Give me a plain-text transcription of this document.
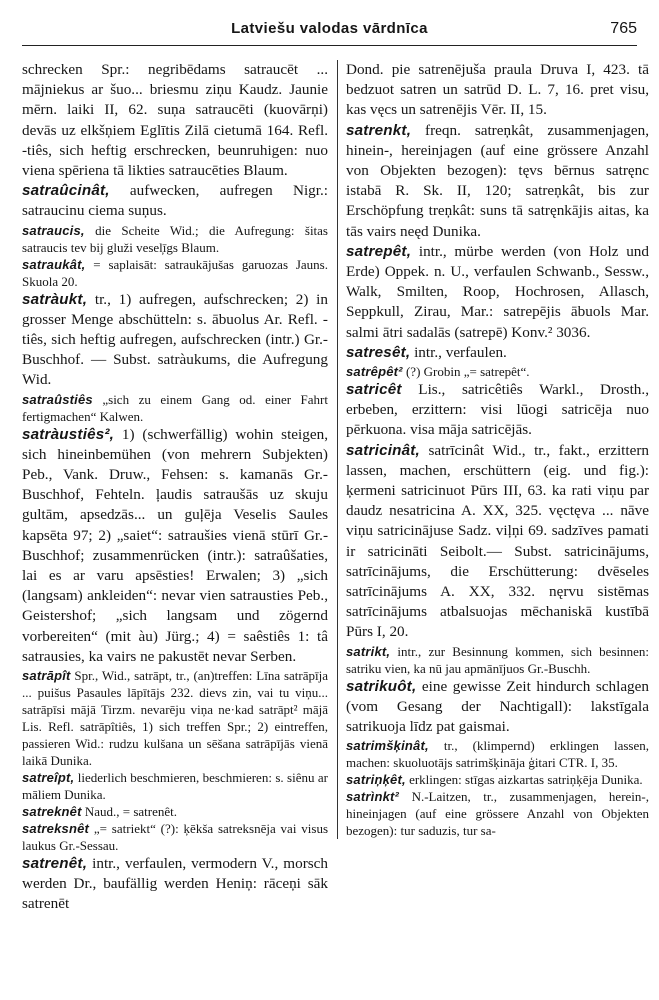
Latviešu valodas vārdnīca	765

schrecken Spr.: negribēdams satraucēt ... mājniekus ar šuo... briesmu ziņu Kaudz. Jaunie mērn. laiki II, 62. suņa satraucēti (kuovārņi) devās uz elkšņiem Eglītis Zilā cietumā 164. Refl. -tiês, sich heftig erschrecken, beunruhigen: nuo viena spēriena tā likties satraucēties Blaum.

satraûcinât, aufwecken, aufregen Nigr.: satraucinu ciema suņus.

satraucis, die Scheite Wid.; die Aufregung: šitas satraucis tev bij gluži vesel̦īgs Blaum.

satraukât, = saplaisāt: satraukājušas garuozas Jauns. Skuola 20.

satràukt, tr., 1) aufregen, aufschrecken; 2) in grosser Menge abschütteln: s. ābuolus Ar. Refl. -tiês, sich heftig aufregen, aufschrecken (intr.) Gr.-Buschhof. — Subst. satràukums, die Aufregung Wid.

satraûstiês „sich zu einem Gang od. einer Fahrt fertigmachen“ Kalwen.

satràustiês², 1) (schwerfällig) wohin steigen, sich hineinbemühen (von mehrern Subjekten) Peb., Vank. Druw., Fehsen: s. kamanās Gr.-Buschhof, Fehteln. ļaudis satraušās uz skuju gultām, apsedzās... un guļēja Veselis Saules kapsēta 97; 2) „saiet“: satraušies vienā stūrī Gr.-Buschhof; zusammenrücken (intr.): satraûšaties, lai es ar varu apsēsties! Erwalen; 3) „sich (langsam) ankleiden“: nevar vien satrausties Peb., Geistershof; „sich langsam und zögernd vorbereiten“ (mit àu) Jürg.; 4) = saêstiês 1: tâ satrausies, ka vairs ne pakustēt nevar Serben.

satrāpît Spr., Wid., satrāpt, tr., (an)treffen: Līna satrāpīja ... puišus Pasaules lāpītājs 232. dievs zin, vai tu viņu... satrāpīsi mājā Tirzm. nevarēju viņa ne·kad satrāpt² mājā Lis. Refl. satrāpîtiês, 1) sich treffen Spr.; 2) eintreffen, passieren Wid.: rudzu kulšana un sēšana satrāpījās vienā laikā Dunika.

satreîpt, liederlich beschmieren, beschmieren: s. siênu ar māliem Dunika.

satreknêt Naud., = satrenêt.

satreksnêt „= satriekt“ (?): ķēkša satreksnēja vai visus laukus Gr.-Sessau.

satrenêt, intr., verfaulen, vermodern V., morsch werden Dr., baufällig werden Heniņ: rāceņi sāk satrenēt

Dond. pie satrenējuša praula Druva I, 423. tā bedzuot satren un satrūd D. L. 7, 16. pret visu, kas vęcs un satrenējis Vēr. II, 15.

satrenkt, freqn. satreņkât, zusammenjagen, hinein-, hereinjagen (auf eine grössere Anzahl von Objekten bezogen): tęvs bērnus satręnc istabā R. Sk. II, 120; satreņkât, bis zur Erschöpfung treņkât: suns tā satręnkājis aitas, ka tās vairs neęd Dunika.

satrepêt, intr., mürbe werden (von Holz und Erde) Oppek. n. U., verfaulen Schwanb., Sessw., Walk, Smilten, Roop, Hochrosen, Allasch, Seppkull, Zirau, Mar.: satrepējis ābuols Mar. salmi ātri sadalās (satrepē) Konv.² 3036.

satresêt, intr., verfaulen.

satrêpêt² (?) Grobin „= satrepêt“.

satricêt Lis., satricêtiês Warkl., Drosth., erbeben, erzittern: visi lūogi satricēja nuo pērkuona. visa māja satricējās.

satricinât, satrīcinât Wid., tr., fakt., erzittern lassen, machen, erschüttern (eig. und fig.): ķermeni satricinuot Pūrs III, 63. ka rati viņu par daudz nesatricina A. XX, 325. vęctęva ... nāve viņu satricinājuse Sadz. viļņi 69. sadzīves pamati ir satricināti Seibolt.— Subst. satricinājums, satrīcinājums, die Erschütterung: dvēseles satrīcinājums A. XX, 332. nęrvu sistēmas satrīcinājums atbalsuojas mēchaniskā kustībā Pūrs I, 20.

satrikt, intr., zur Besinnung kommen, sich besinnen: satriku vien, ka nū jau apmānījuos Gr.-Buschh.

satrikuôt, eine gewisse Zeit hindurch schlagen (vom Gesang der Nachtigall): lakstīgala satrikuoja līdz pat gaismai.

satrimšķinât, tr., (klimpernd) erklingen lassen, machen: skuoluotājs satrimšķināja ģitari CTR. I, 35.

satriņķêt, erklingen: stīgas aizkartas satriņķēja Dunika.

satrìnkt² N.-Laitzen, tr., zusammenjagen, herein-, hineinjagen (auf eine grössere Anzahl von Objekten bezogen): tur saduzis, tur sa-
